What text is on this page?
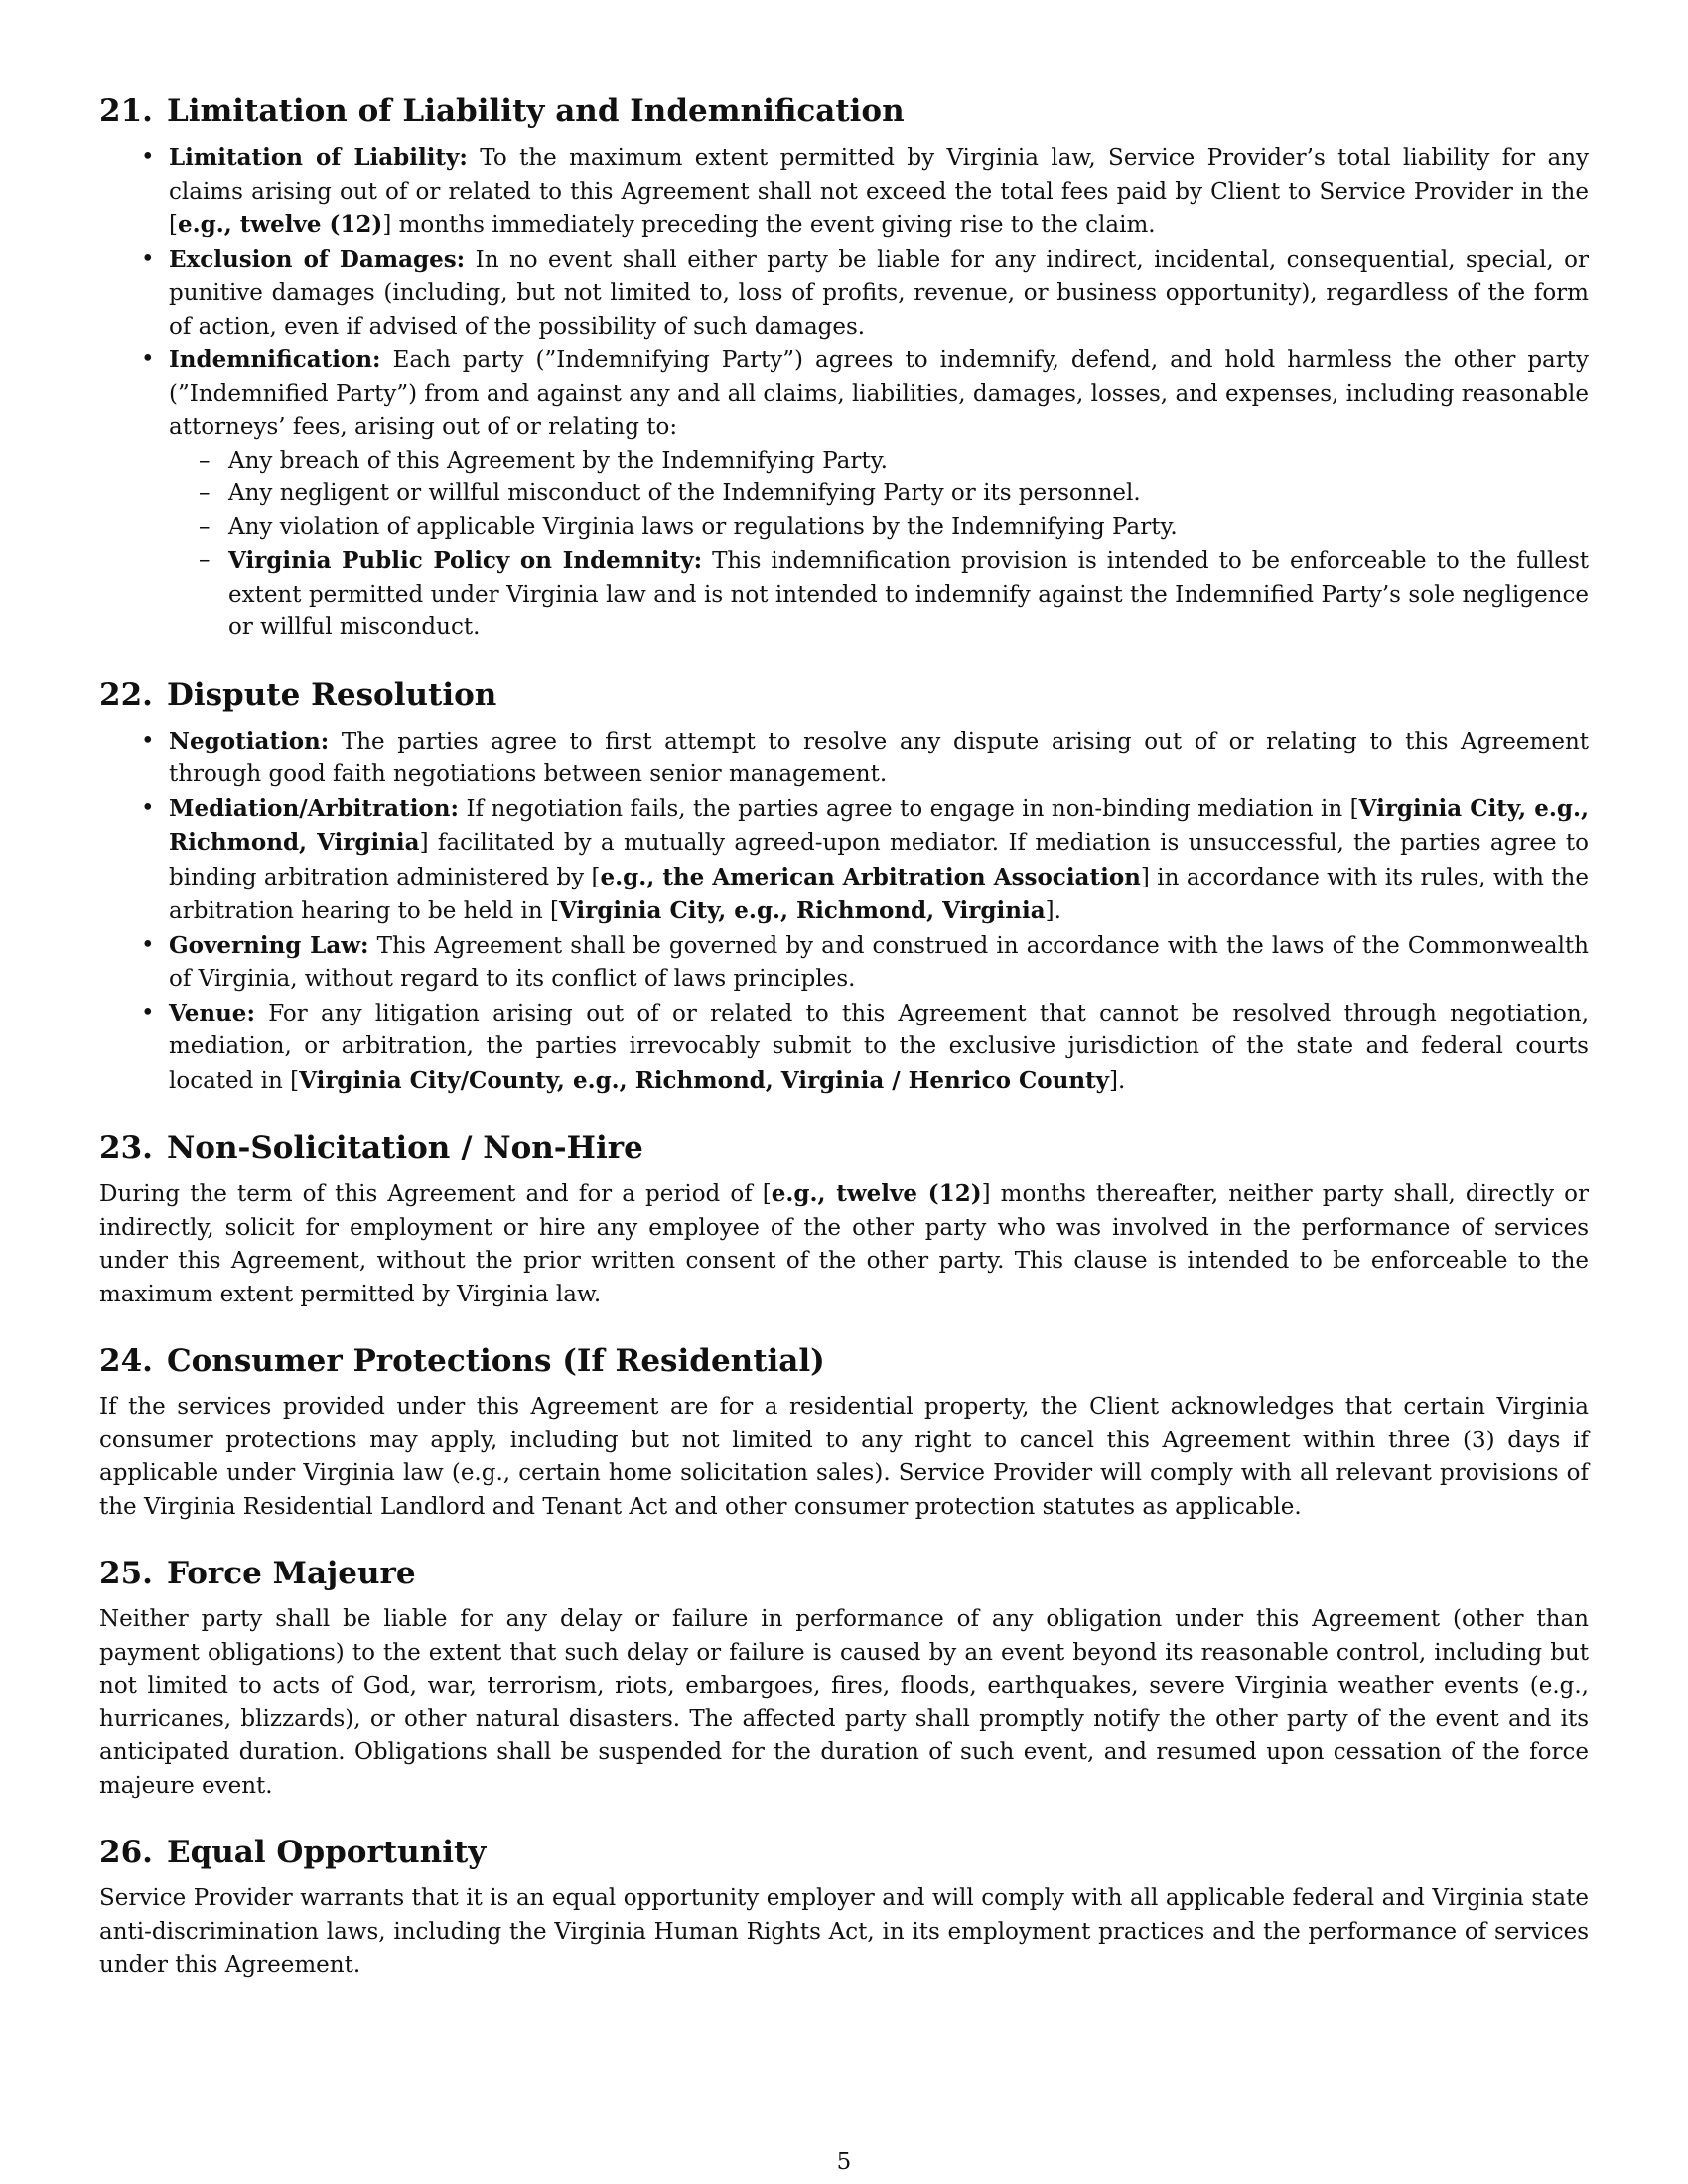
21. Limitation of Liability and Indemnification
• Limitation of Liability: To the maximum extent permitted by Virginia law, Service Provider’s total liability for any claims arising out of or related to this Agreement shall not exceed the total fees paid by Client to Service Provider in the [e.g., twelve (12)] months immediately preceding the event giving rise to the claim.
• Exclusion of Damages: In no event shall either party be liable for any indirect, incidental, consequential, special, or punitive damages (including, but not limited to, loss of profits, revenue, or business opportunity), regardless of the form of action, even if advised of the possibility of such damages.
• Indemnification: Each party (”Indemnifying Party”) agrees to indemnify, defend, and hold harmless the other party (”Indemnified Party”) from and against any and all claims, liabilities, damages, losses, and expenses, including reasonable attorneys’ fees, arising out of or relating to:
– Any breach of this Agreement by the Indemnifying Party.
– Any negligent or willful misconduct of the Indemnifying Party or its personnel.
– Any violation of applicable Virginia laws or regulations by the Indemnifying Party.
– Virginia Public Policy on Indemnity: This indemnification provision is intended to be enforceable to the fullest extent permitted under Virginia law and is not intended to indemnify against the Indemnified Party’s sole negligence or willful misconduct.
22. Dispute Resolution
• Negotiation: The parties agree to first attempt to resolve any dispute arising out of or relating to this Agreement through good faith negotiations between senior management.
• Mediation/Arbitration: If negotiation fails, the parties agree to engage in non-binding mediation in [Virginia City, e.g., Richmond, Virginia] facilitated by a mutually agreed-upon mediator. If mediation is unsuccessful, the parties agree to binding arbitration administered by [e.g., the American Arbitration Association] in accordance with its rules, with the arbitration hearing to be held in [Virginia City, e.g., Richmond, Virginia].
• Governing Law: This Agreement shall be governed by and construed in accordance with the laws of the Commonwealth of Virginia, without regard to its conflict of laws principles.
• Venue: For any litigation arising out of or related to this Agreement that cannot be resolved through negotiation, mediation, or arbitration, the parties irrevocably submit to the exclusive jurisdiction of the state and federal courts located in [Virginia City/County, e.g., Richmond, Virginia / Henrico County].
23. Non-Solicitation / Non-Hire

During the term of this Agreement and for a period of [e.g., twelve (12)] months thereafter, neither party shall, directly or indirectly, solicit for employment or hire any employee of the other party who was involved in the performance of services under this Agreement, without the prior written consent of the other party. This clause is intended to be enforceable to the maximum extent permitted by Virginia law.

24. Consumer Protections (If Residential)

If the services provided under this Agreement are for a residential property, the Client acknowledges that certain Virginia consumer protections may apply, including but not limited to any right to cancel this Agreement within three (3) days if applicable under Virginia law (e.g., certain home solicitation sales). Service Provider will comply with all relevant provisions of the Virginia Residential Landlord and Tenant Act and other consumer protection statutes as applicable.

25. Force Majeure

Neither party shall be liable for any delay or failure in performance of any obligation under this Agreement (other than payment obligations) to the extent that such delay or failure is caused by an event beyond its reasonable control, including but not limited to acts of God, war, terrorism, riots, embargoes, fires, floods, earthquakes, severe Virginia weather events (e.g., hurricanes, blizzards), or other natural disasters. The affected party shall promptly notify the other party of the event and its anticipated duration. Obligations shall be suspended for the duration of such event, and resumed upon cessation of the force majeure event.

26. Equal Opportunity

Service Provider warrants that it is an equal opportunity employer and will comply with all applicable federal and Virginia state anti-discrimination laws, including the Virginia Human Rights Act, in its employment practices and the performance of services under this Agreement.

5
